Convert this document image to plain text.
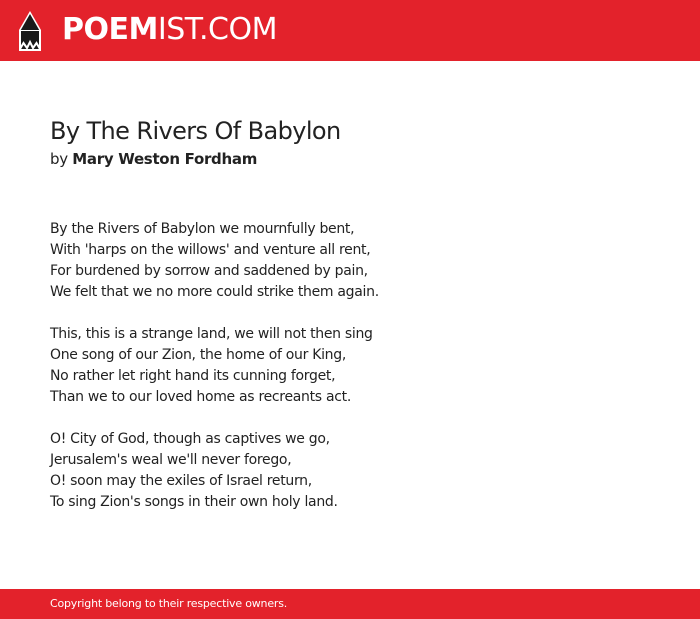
POEMIST.COM
By The Rivers Of Babylon
by Mary Weston Fordham
By the Rivers of Babylon we mournfully bent,
With 'harps on the willows' and venture all rent,
For burdened by sorrow and saddened by pain,
We felt that we no more could strike them again.
This, this is a strange land, we will not then sing
One song of our Zion, the home of our King,
No rather let right hand its cunning forget,
Than we to our loved home as recreants act.
O! City of God, though as captives we go,
Jerusalem's weal we'll never forego,
O! soon may the exiles of Israel return,
To sing Zion's songs in their own holy land.
Copyright belong to their respective owners.
